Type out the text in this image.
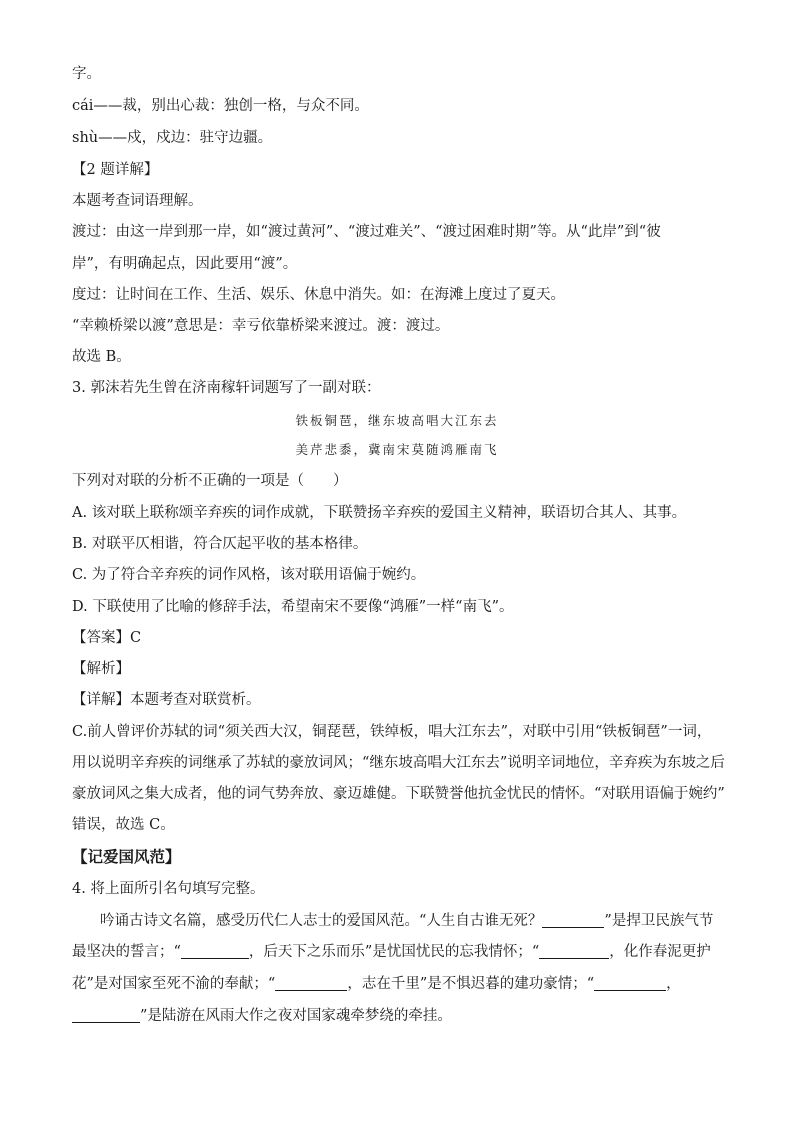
字。
cái——裁，别出心裁：独创一格，与众不同。
shù——戍，戍边：驻守边疆。
【2 题详解】
本题考查词语理解。
渡过：由这一岸到那一岸，如“渡过黄河”、“渡过难关”、“渡过困难时期”等。从“此岸”到“彼
岸”，有明确起点，因此要用“渡”。
度过：让时间在工作、生活、娱乐、休息中消失。如：在海滩上度过了夏天。
“幸赖桥梁以渡”意思是：幸亏依靠桥梁来渡过。渡：渡过。
故选 B。
3. 郭沫若先生曾在济南稼轩词题写了一副对联：
铁板铜琶，继东坡高唱大江东去
美芹悲黍，冀南宋莫随鸿雁南飞
下列对对联的分析不正确的一项是（　　）
A. 该对联上联称颂辛弃疾的词作成就，下联赞扬辛弃疾的爱国主义精神，联语切合其人、其事。
B. 对联平仄相谐，符合仄起平收的基本格律。
C. 为了符合辛弃疾的词作风格，该对联用语偏于婉约。
D. 下联使用了比喻的修辞手法，希望南宋不要像“鸿雁”一样“南飞”。
【答案】C
【解析】
【详解】本题考查对联赏析。
C.前人曾评价苏轼的词“须关西大汉，铜琵琶，铁绰板，唱大江东去”，对联中引用“铁板铜琶”一词，
用以说明辛弃疾的词继承了苏轼的豪放词风；“继东坡高唱大江东去”说明辛词地位，辛弃疾为东坡之后
豪放词风之集大成者，他的词气势奔放、豪迈雄健。下联赞誉他抗金忧民的情怀。“对联用语偏于婉约”
错误，故选 C。
【记爱国风范】
4. 将上面所引名句填写完整。
吟诵古诗文名篇，感受历代仁人志士的爱国风范。“人生自古谁无死？	”是捍卫民族气节
最坚决的誓言；“	，后天下之乐而乐”是忧国忧民的忘我情怀；“	，化作春泥更护
花”是对国家至死不渝的奉献；“	，志在千里”是不惧迟暮的建功豪情；“	，
”是陆游在风雨大作之夜对国家魂牵梦绕的牵挂。
